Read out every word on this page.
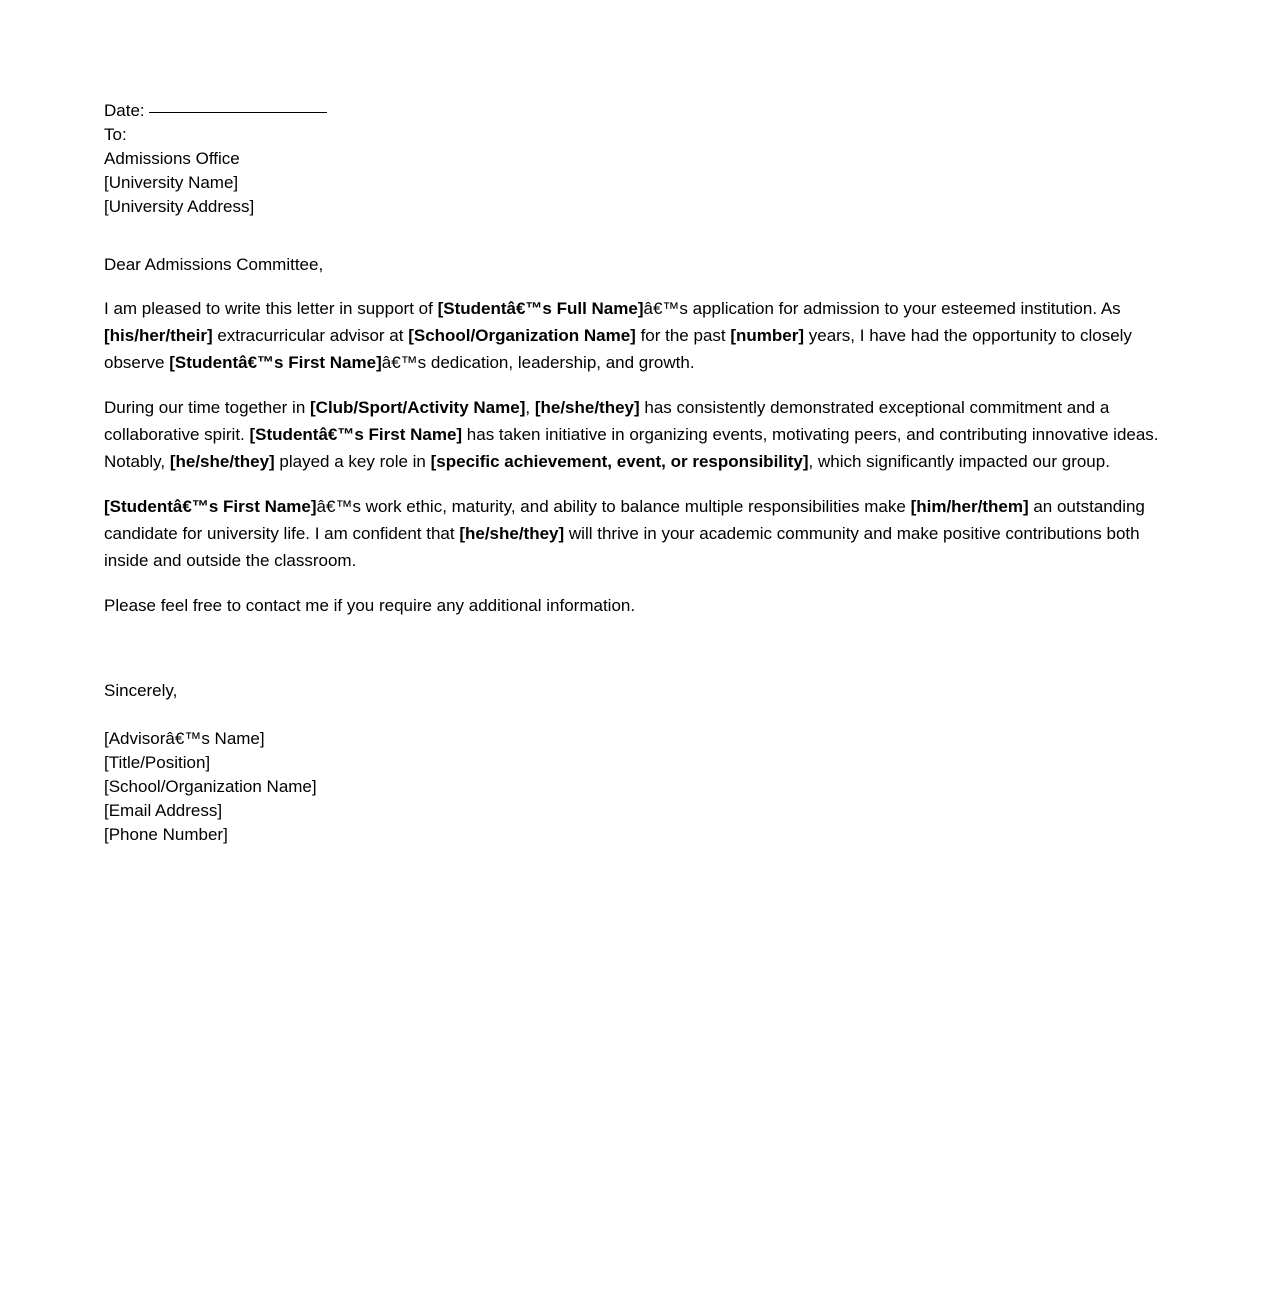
Date:
To:
Admissions Office
[University Name]
[University Address]

Dear Admissions Committee,

I am pleased to write this letter in support of [Studentâ€™s Full Name]â€™s application for admission to your esteemed institution. As [his/her/their] extracurricular advisor at [School/Organization Name] for the past [number] years, I have had the opportunity to closely observe [Studentâ€™s First Name]â€™s dedication, leadership, and growth.

During our time together in [Club/Sport/Activity Name], [he/she/they] has consistently demonstrated exceptional commitment and a collaborative spirit. [Studentâ€™s First Name] has taken initiative in organizing events, motivating peers, and contributing innovative ideas. Notably, [he/she/they] played a key role in [specific achievement, event, or responsibility], which significantly impacted our group.

[Studentâ€™s First Name]â€™s work ethic, maturity, and ability to balance multiple responsibilities make [him/her/them] an outstanding candidate for university life. I am confident that [he/she/they] will thrive in your academic community and make positive contributions both inside and outside the classroom.

Please feel free to contact me if you require any additional information.

Sincerely,

[Advisorâ€™s Name]
[Title/Position]
[School/Organization Name]
[Email Address]
[Phone Number]
